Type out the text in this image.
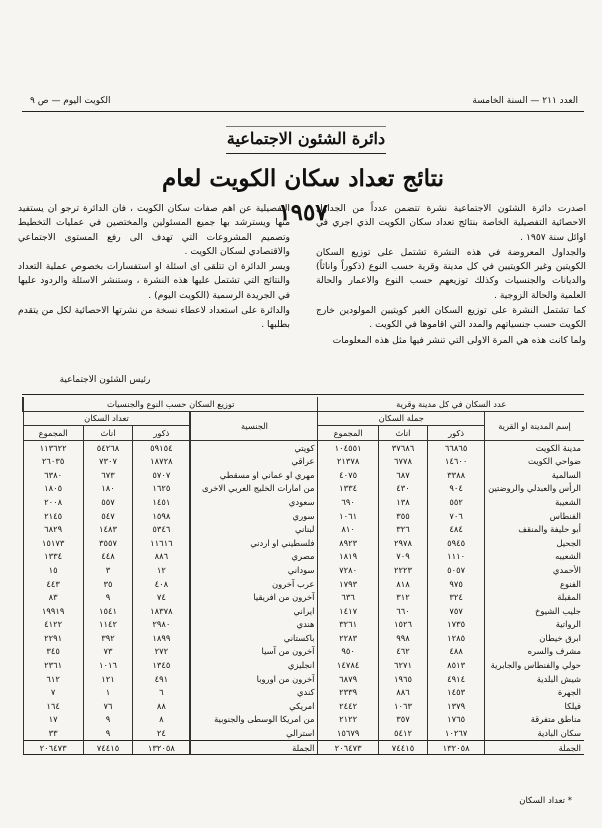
العدد ٢١١ — السنة الخامسة
الكويت اليوم — ص ٩
دائرة الشئون الاجتماعية
نتائج تعداد سكان الكويت لعام ١٩٥٧

اصدرت دائرة الشئون الاجتماعية نشرة تتضمن عدداً من الجداول الاحصائية التفصيلية الخاصة بنتائج تعداد سكان الكويت الذي اجري في اوائل سنة ١٩٥٧ .

والجداول المعروضة في هذه النشرة تشتمل على توزيع السكان الكويتين وغير الكويتيين في كل مدينة وقرية حسب النوع (ذكوراً واناثاً) والديانات والجنسيات وكذلك توزيعهم حسب النوع والاعمار والحالة العلمية والحالة الزوجية .

كما تشتمل النشرة على توزيع السكان الغير كويتيين المولودين خارج الكويت حسب جنسياتهم والمدد التي اقاموها في الكويت .

ولما كانت هذه هي المرة الاولى التي تنشر فيها مثل هذه المعلومات

التفصيلية عن اهم صفات سكان الكويت ، فان الدائرة ترجو ان يستفيد منها ويسترشد بها جميع المسئولين والمختصين في عمليات التخطيط وتصميم المشروعات التي تهدف الى رفع المستوى الاجتماعي والاقتصادي لسكان الكويت .

ويسر الدائرة ان تتلقى اى اسئلة او استفسارات بخصوص عملية التعداد والنتائج التي تشتمل عليها هذه النشرة ، وستنشر الاسئلة والردود عليها في الجريدة الرسمية (الكويت اليوم) .

والدائرة على استعداد لاعطاء نسخة من نشرتها الاحصائية لكل من يتقدم بطلبها .

رئيس الشئون الاجتماعية
عدد السكان في كل مدينة وقرية				توزيع السكان حسب النوع والجنسيات			
إسم المدينة او القرية	جملة السكان			الجنسية	تعداد السكان		
	ذكور	اناث	المجموع		ذكور	اناث	المجموع
مدينة الكويت	٦٦٨٦٥	٣٧٦٨٦	١٠٤٥٥١	كويتي	٥٩١٥٤	٥٤٢٦٨	١١٣٦٢٢
ضواحي الكويت	١٤٦٠٠	٦٧٧٨	٢١٣٧٨	عراقي	١٨٧٢٨	٧٣٠٧	٢٦٠٣٥
السالمية	٣٣٨٨	٦٨٧	٤٠٧٥	مهري او عماني او مسقطي	٥٧٠٧	٦٧٣	٦٣٨٠
الرأس والعبدلي والروضتين	٩٠٤	٤٣٠	١٣٣٤	من امارات الخليج العربي الاخرى	١٦٢٥	١٨٠	١٨٠٥
الشعيبة	٥٥٢	١٣٨	٦٩٠	سعودي	١٤٥١	٥٥٧	٢٠٠٨
الفنطاس	٧٠٦	٣٥٥	١٠٦١	سوري	١٥٩٨	٥٤٧	٢١٤٥
أبو حليفة والمنقف	٤٨٤	٣٢٦	٨١٠	لبناني	٥٣٤٦	١٤٨٣	٦٨٢٩
الجحيل	٥٩٤٥	٢٩٧٨	٨٩٢٣	فلسطيني او اردني	١١٦١٦	٣٥٥٧	١٥١٧٣
الشعيبه	١١١٠	٧٠٩	١٨١٩	مصري	٨٨٦	٤٤٨	١٣٣٤
الأحمدي	٥٠٥٧	٢٢٢٣	٧٢٨٠	سوداني	١٢	٣	١٥
الفنوع	٩٧٥	٨١٨	١٧٩٣	عرب آخرون	٤٠٨	٣٥	٤٤٣
المقبلة	٣٢٤	٣١٢	٦٣٦	آخرون من افريقيا	٧٤	٩	٨٣
جليب الشيوخ	٧٥٧	٦٦٠	١٤١٧	ايراني	١٨٣٧٨	١٥٤١	١٩٩١٩
الرواتية	١٧٣٥	١٥٢٦	٣٢٦١	هندي	٢٩٨٠	١١٤٢	٤١٢٢
ابرق خيطان	١٢٨٥	٩٩٨	٢٢٨٣	باكستاني	١٨٩٩	٣٩٢	٢٢٩١
مشرف والسره	٤٨٨	٤٦٢	٩٥٠	آخرون من آسيا	٢٧٢	٧٣	٣٤٥
حولي والفنطاس والجابرية	٨٥١٣	٦٢٧١	١٤٧٨٤	انجليزي	١٣٤٥	١٠١٦	٢٣٦١
شيش البلدية	٤٩١٤	١٩٦٥	٦٨٧٩	آخرون من اوروبا	٤٩١	١٢١	٦١٢
الجهرة	١٤٥٣	٨٨٦	٢٣٣٩	كندي	٦	١	٧
فيلكا	١٣٧٩	١٠٦٣	٢٤٤٢	امريكي	٨٨	٧٦	١٦٤
مناطق متفرقة	١٧٦٥	٣٥٧	٢١٢٢	من امريكا الوسطى والجنوبية	٨	٩	١٧
سكان البادية	١٠٢٦٧	٥٤١٢	١٥٦٧٩	استرالي	٢٤	٩	٣٣
الجملة	١٣٢٠٥٨	٧٤٤١٥	٢٠٦٤٧٣	الجملة	١٣٢٠٥٨	٧٤٤١٥	٢٠٦٤٧٣
* تعداد السكان
